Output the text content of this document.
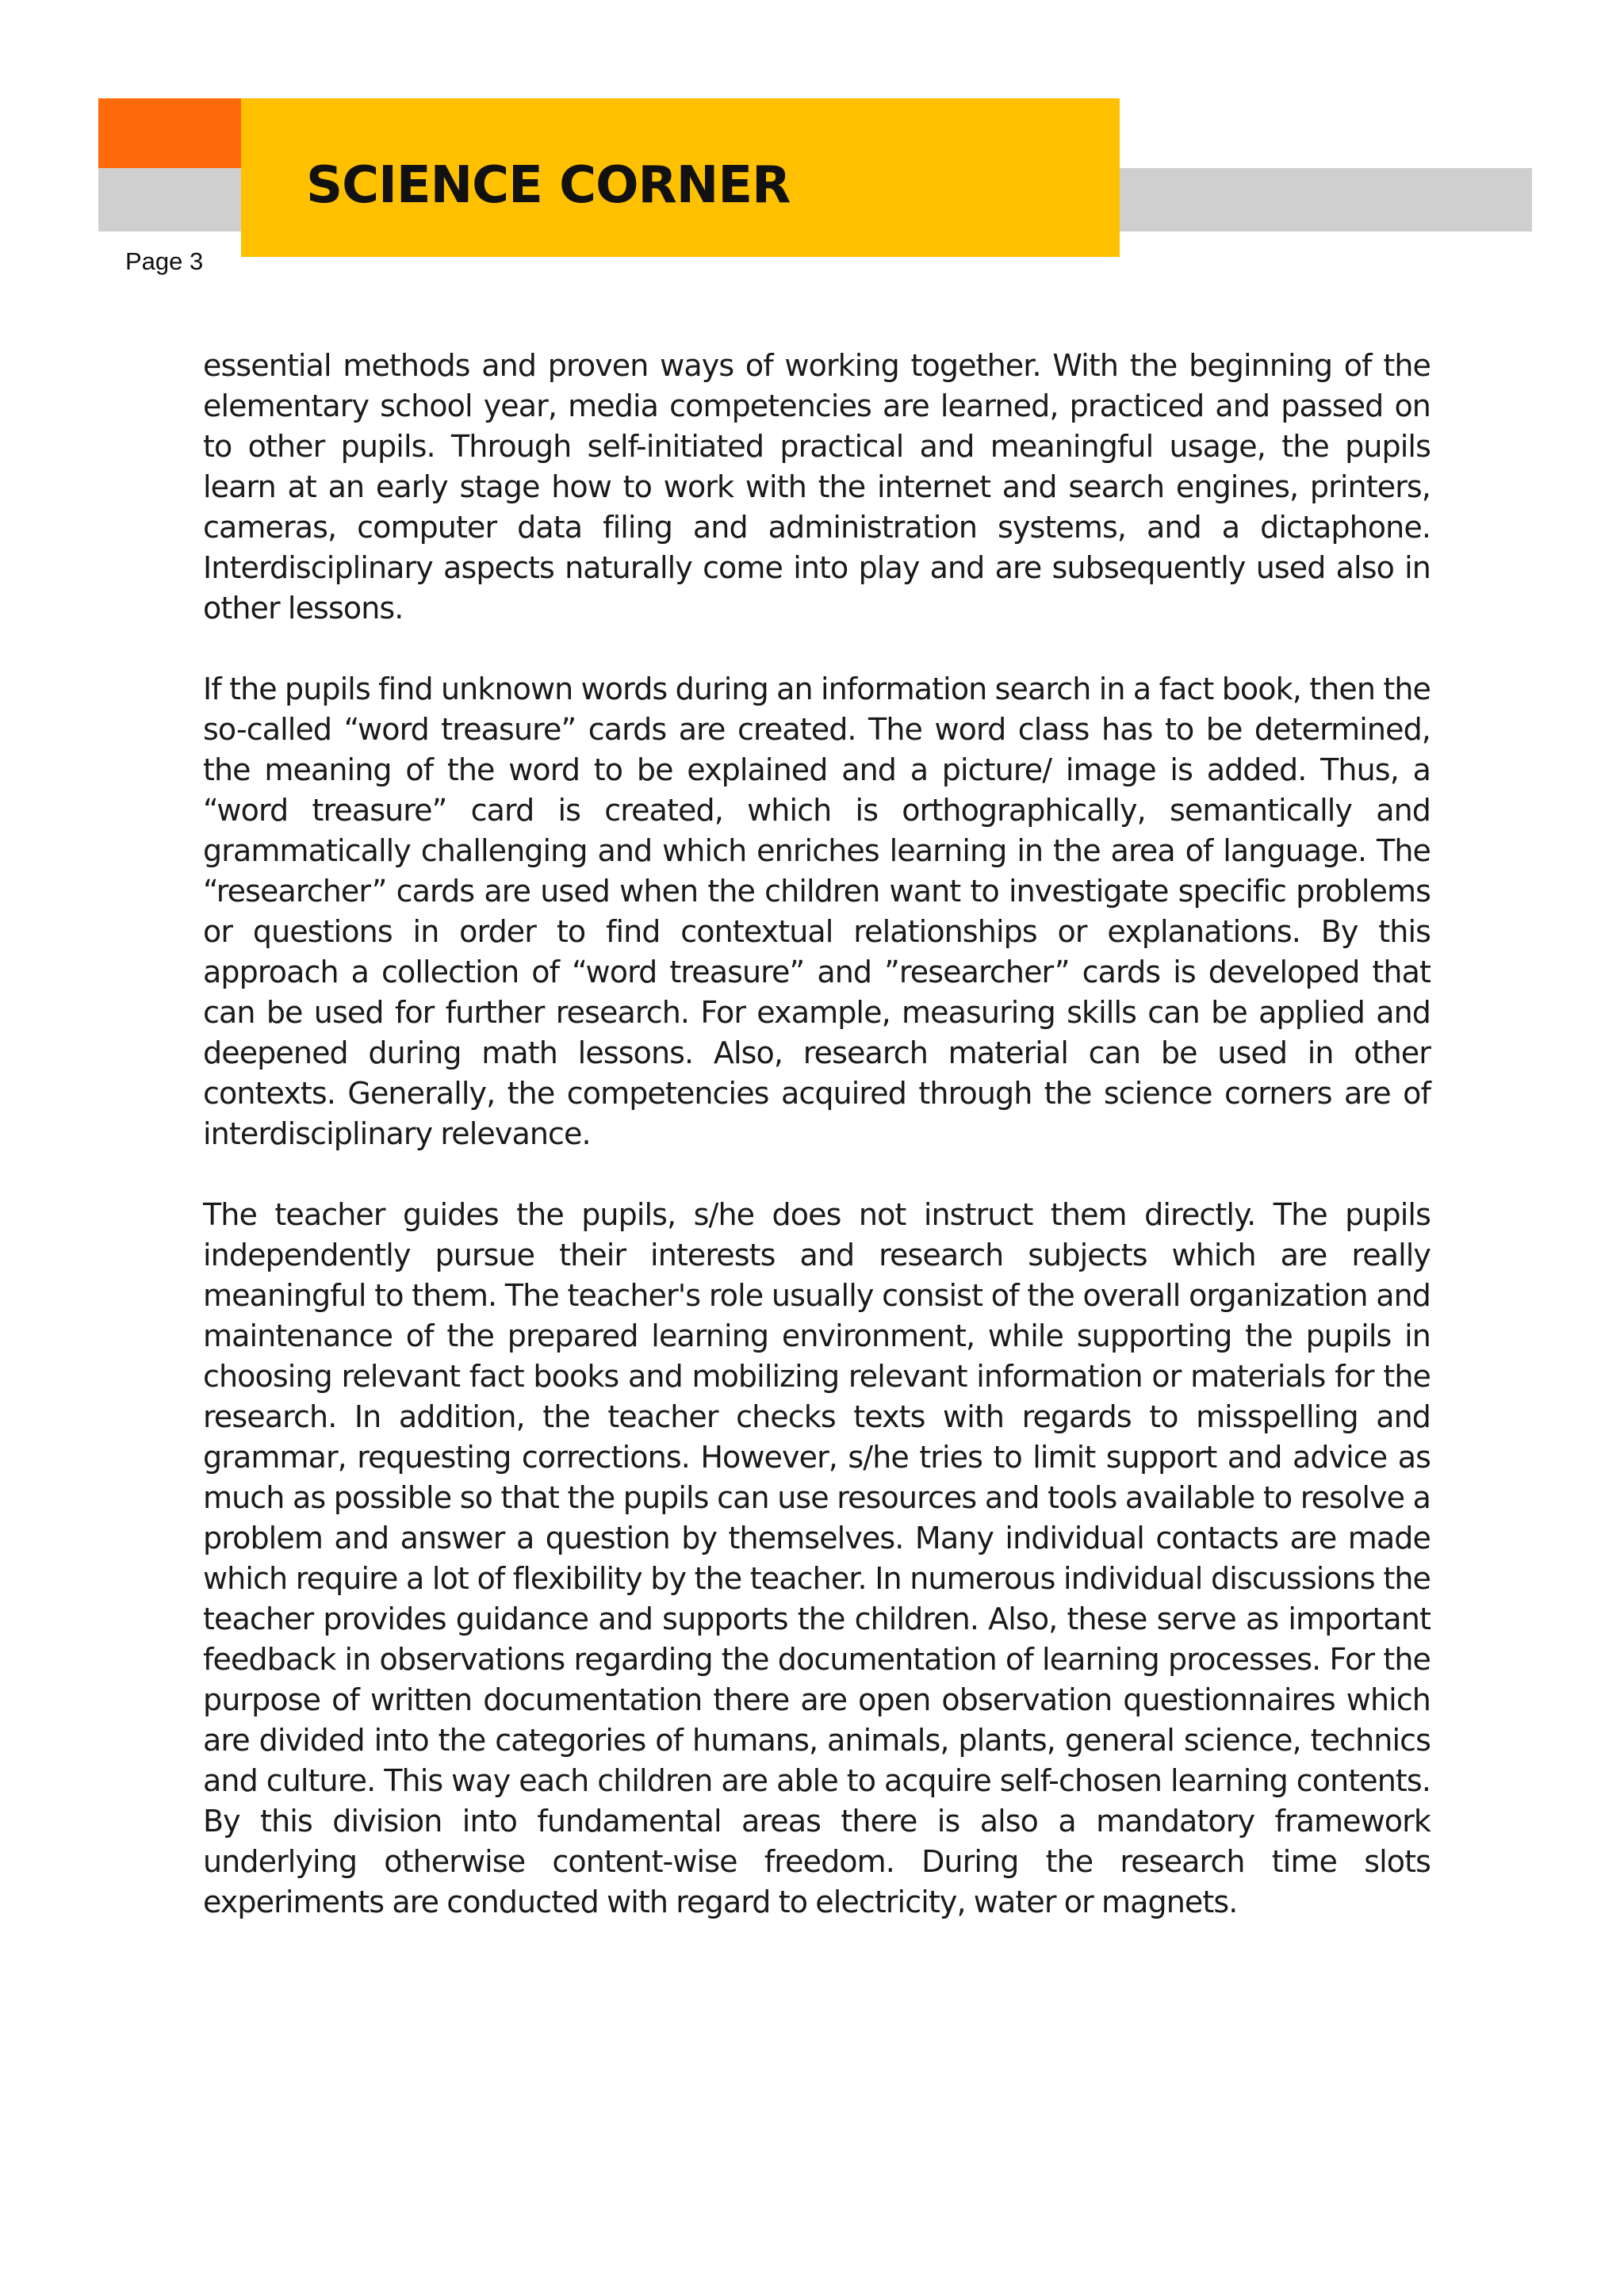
SCIENCE CORNER
Page 3

essential methods and proven ways of working together. With the beginning of the elementary school year, media competencies are learned, practiced and passed on to other pupils. Through self-initiated practical and meaningful usage, the pupils learn at an early stage how to work with the internet and search engines, printers, cameras, computer data filing and administration systems, and a dictaphone. Interdisciplinary aspects naturally come into play and are subsequently used also in other lessons.

If the pupils find unknown words during an information search in a fact book, then the so-called “word treasure” cards are created. The word class has to be determined, the meaning of the word to be explained and a picture/ image is added. Thus, a “word treasure” card is created, which is orthographically, semantically and grammatically challenging and which enriches learning in the area of language. The “researcher” cards are used when the children want to investigate specific problems or questions in order to find contextual relationships or explanations. By this approach a collection of “word treasure” and ”researcher” cards is developed that can be used for further research. For example, measuring skills can be applied and deepened during math lessons. Also, research material can be used in other contexts. Generally, the competencies acquired through the science corners are of interdisciplinary relevance.

The teacher guides the pupils, s/he does not instruct them directly. The pupils independently pursue their interests and research subjects which are really meaningful to them. The teacher's role usually consist of the overall organization and maintenance of the prepared learning environment, while supporting the pupils in choosing relevant fact books and mobilizing relevant information or materials for the research. In addition, the teacher checks texts with regards to misspelling and grammar, requesting corrections. However, s/he tries to limit support and advice as much as possible so that the pupils can use resources and tools available to resolve a problem and answer a question by themselves. Many individual contacts are made which require a lot of flexibility by the teacher. In numerous individual discussions the teacher provides guidance and supports the children. Also, these serve as important feedback in observations regarding the documentation of learning processes. For the purpose of written documentation there are open observation questionnaires which are divided into the categories of humans, animals, plants, general science, technics and culture. This way each children are able to acquire self-chosen learning contents. By this division into fundamental areas there is also a mandatory framework underlying otherwise content-wise freedom. During the research time slots experiments are conducted with regard to electricity, water or magnets.
